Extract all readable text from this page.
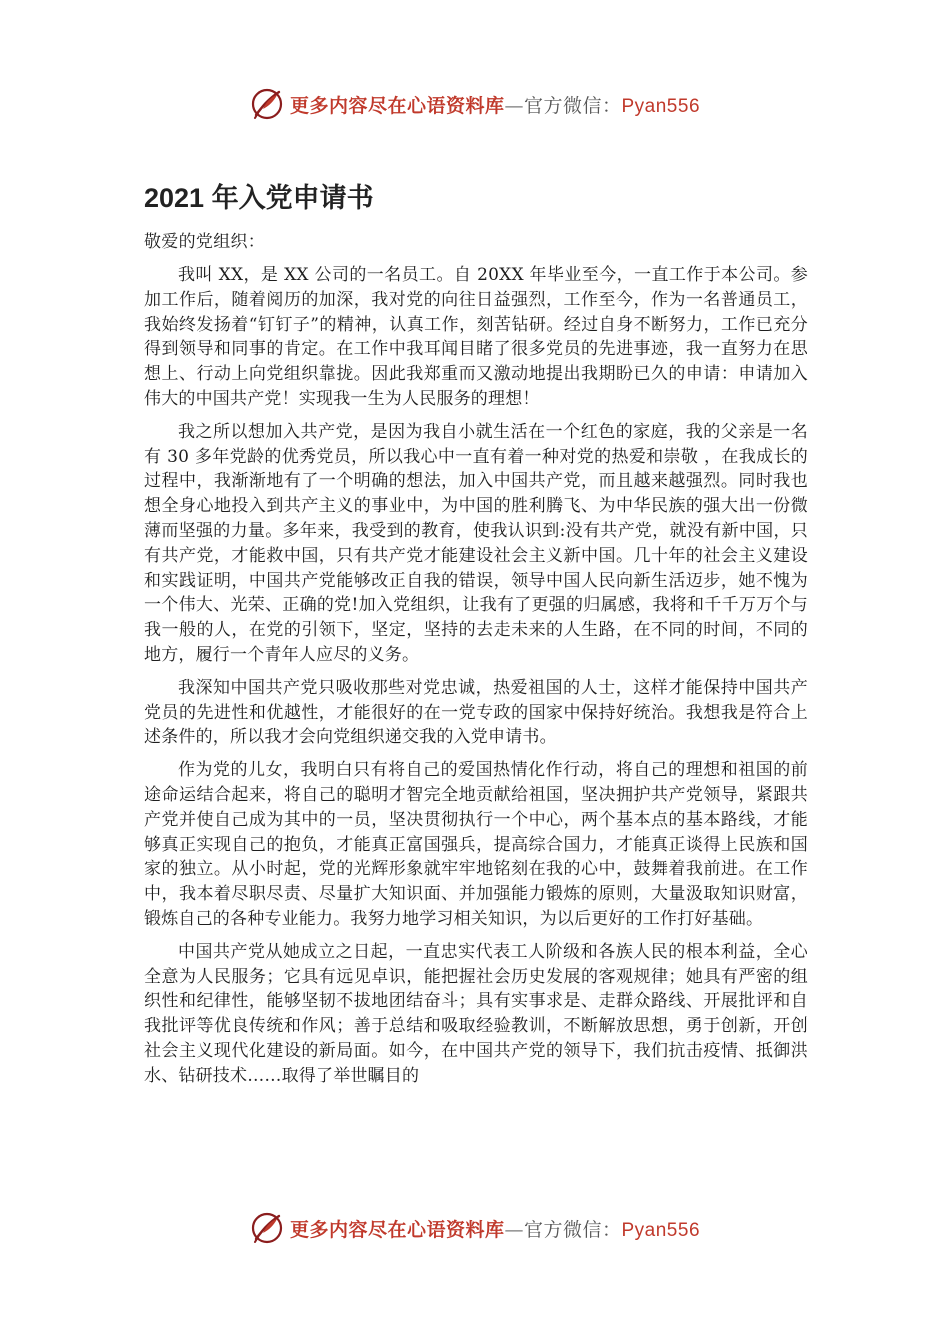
更多内容尽在心语资料库—官方微信：Pyan556
2021 年入党申请书

敬爱的党组织：

我叫 XX，是 XX 公司的一名员工。自 20XX 年毕业至今，一直工作于本公司。参加工作后，随着阅历的加深，我对党的向往日益强烈，工作至今，作为一名普通员工，我始终发扬着“钉钉子”的精神，认真工作，刻苦钻研。经过自身不断努力，工作已充分得到领导和同事的肯定。在工作中我耳闻目睹了很多党员的先进事迹，我一直努力在思想上、行动上向党组织靠拢。因此我郑重而又激动地提出我期盼已久的申请：申请加入伟大的中国共产党！实现我一生为人民服务的理想！

我之所以想加入共产党，是因为我自小就生活在一个红色的家庭，我的父亲是一名有 30 多年党龄的优秀党员，所以我心中一直有着一种对党的热爱和崇敬 ，在我成长的过程中，我渐渐地有了一个明确的想法，加入中国共产党，而且越来越强烈。同时我也想全身心地投入到共产主义的事业中，为中国的胜利腾飞、为中华民族的强大出一份微薄而坚强的力量。多年来，我受到的教育，使我认识到:没有共产党，就没有新中国，只有共产党，才能救中国，只有共产党才能建设社会主义新中国。几十年的社会主义建设和实践证明，中国共产党能够改正自我的错误，领导中国人民向新生活迈步，她不愧为一个伟大、光荣、正确的党!加入党组织，让我有了更强的归属感，我将和千千万万个与我一般的人，在党的引领下，坚定，坚持的去走未来的人生路，在不同的时间，不同的地方，履行一个青年人应尽的义务。

我深知中国共产党只吸收那些对党忠诚，热爱祖国的人士，这样才能保持中国共产党员的先进性和优越性，才能很好的在一党专政的国家中保持好统治。我想我是符合上述条件的，所以我才会向党组织递交我的入党申请书。

作为党的儿女，我明白只有将自己的爱国热情化作行动，将自己的理想和祖国的前途命运结合起来，将自己的聪明才智完全地贡献给祖国，坚决拥护共产党领导，紧跟共产党并使自己成为其中的一员，坚决贯彻执行一个中心，两个基本点的基本路线，才能够真正实现自己的抱负，才能真正富国强兵，提高综合国力，才能真正谈得上民族和国家的独立。从小时起，党的光辉形象就牢牢地铭刻在我的心中，鼓舞着我前进。在工作中，我本着尽职尽责、尽量扩大知识面、并加强能力锻炼的原则，大量汲取知识财富，锻炼自己的各种专业能力。我努力地学习相关知识，为以后更好的工作打好基础。

中国共产党从她成立之日起，一直忠实代表工人阶级和各族人民的根本利益，全心全意为人民服务；它具有远见卓识，能把握社会历史发展的客观规律；她具有严密的组织性和纪律性，能够坚韧不拔地团结奋斗；具有实事求是、走群众路线、开展批评和自我批评等优良传统和作风；善于总结和吸取经验教训，不断解放思想，勇于创新，开创社会主义现代化建设的新局面。如今，在中国共产党的领导下，我们抗击疫情、抵御洪水、钻研技术……取得了举世瞩目的

更多内容尽在心语资料库—官方微信：Pyan556
